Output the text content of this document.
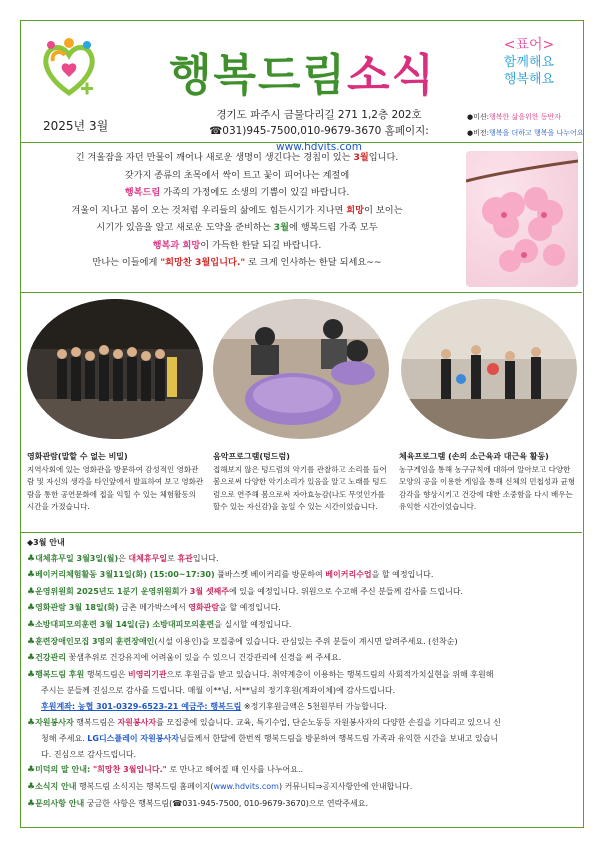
행복드림소식
<표어>
함께해요
행복해요
2025년 3월
경기도 파주시 금물다리길 271 1,2층 202호
☎031)945-7500,010-9679-3670 홈페이지: www.hdvits.com
●미션:행복한 삶을위한 동반자
●비전:행복을 더하고 행복을 나누어요
긴 겨울잠을 자던 만물이 깨어나 새로운 생명이 생긴다는 경칩이 있는 3월입니다.
갖가지 종류의 초목에서 싹이 트고 꽃이 피어나는 계절에
행복드림 가족의 가정에도 소생의 기쁨이 있길 바랍니다.
겨울이 지나고 봄이 오는 것처럼 우리들의 삶에도 힘든시기가 지나면 희망이 보이는
시기가 있음을 알고 새로운 도약을 준비하는 3월에 행복드림 가족 모두
행복과 희망이 가득한 한달 되길 바랍니다.
만나는 이들에게 "희망찬 3월입니다." 로 크게 인사하는 한달 되세요~~
영화관람(말할 수 없는 비밀)
지역사회에 있는 영화관을 방문하여 감성적인 영화관람 및 자신의 생각을 타인앞에서 발표하여 보고 영화관람을 통한 공연문화에 접을 익힐 수 있는 체험활동의 시간을 가졌습니다.
음악프로그램(텅드럼)
접해보지 않은 텅드럼의 악기를 관찰하고 소리를 들어봄으로써 다양한 악기소리가 있음을 알고 노래를 텅드럼으로 연주해 봄으로써 자아효능감(나도 무엇인가를 할수 있는 자신감)을 높일 수 있는 시간이었습니다.
체육프로그램 (손의 소근육과 대근육 활동)
농구게임을 통해 농구규칙에 대하여 알아보고 다양한 모양의 공을 이용한 게임을 통해 신체의 민첩성과 균형감각을 향상시키고 건강에 대한 소중함을 다시 배우는 유익한 시간이었습니다.
◆3월 안내
♣대체휴무일 3월3일(월)은 대체휴무일로 휴관입니다.
♣베이커리체험활동 3월11일(화) (15:00~17:30) 풀바스켓 베이커리를 방문하여 베이커리수업을 할 예정입니다.
♣운영위원회 2025년도 1분기 운영위원회가 3월 셋째주에 있을 예정입니다. 위원으로 수고해 주신 분들께 감사를 드립니다.
♣영화관람 3월 18일(화) 금촌 메가박스에서 영화관람을 할 예정입니다.
♣소방대피모의훈련 3월 14일(금) 소방대피모의훈련을 실시할 예정입니다.
♣훈련장애인모집 3명의 훈련장애인(시설 이용인)을 모집중에 있습니다. 관심있는 주위 분들이 계시면 알려주세요. (선착순)
♣건강관리 꽃샘추위로 건강유지에 어려움이 있을 수 있으니 건강관리에 신경을 써 주세요.
♣행복드림 후원 행복드림은 비영리기관으로 후원금을 받고 있습니다. 취약계층이 이용하는 행복드림의 사회적가치실현을 위해 후원해
주시는 분들께 진심으로 감사를 드립니다. 매월 이**님, 서**님의 정기후원(계좌이체)에 감사드립니다.
후원계좌: 농협 301-0329-6523-21 예금주: 행복드림 ※정기후원금액은 5천원부터 가능합니다.
♣자원봉사자 행복드림은 자원봉사자를 모집중에 있습니다. 교육, 특기수업, 단순노동등 자원봉사자의 다양한 손길을 기다리고 있으니 신
청해 주세요. LG디스플레이 자원봉사자님들께서 한달에 한번씩 행복드림을 방문하여 행복드림 가족과 유익한 시간을 보내고 있습니
다. 진심으로 감사드립니다.
♣미덕의 말 안내: "희망찬 3월입니다." 로 만나고 헤어질 때 인사를 나누어요..
♣소식지 안내 행복드림 소식지는 행복드림 홈페이지(www.hdvits.com) 커뮤니티⇒공지사항안에 안내합니다.
♣문의사항 안내 궁금한 사항은 행복드림(☎031-945-7500, 010-9679-3670)으로 연락주세요.
